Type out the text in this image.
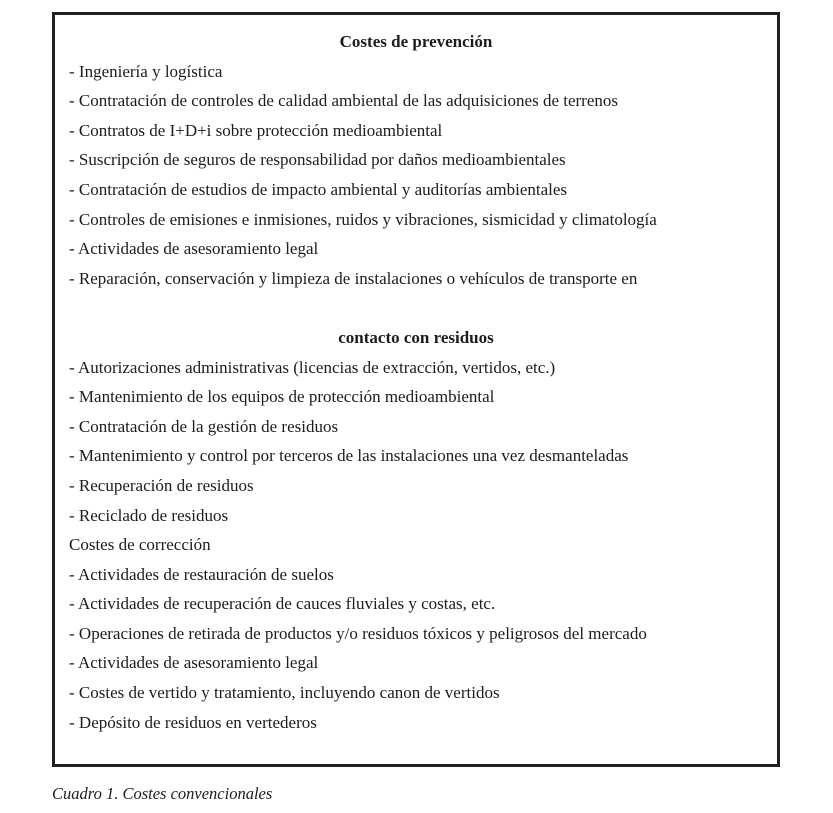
Costes de prevención
- Ingeniería y logística
- Contratación de controles de calidad ambiental de las adquisiciones de terrenos
- Contratos de I+D+i sobre protección medioambiental
- Suscripción de seguros de responsabilidad por daños medioambientales
- Contratación de estudios de impacto ambiental y auditorías ambientales
- Controles de emisiones e inmisiones, ruidos y vibraciones, sismicidad y climatología
- Actividades de asesoramiento legal
- Reparación, conservación y limpieza de instalaciones o vehículos de transporte en
contacto con residuos
- Autorizaciones administrativas (licencias de extracción, vertidos, etc.)
- Mantenimiento de los equipos de protección medioambiental
- Contratación de la gestión de residuos
- Mantenimiento y control por terceros de las instalaciones una vez desmanteladas
- Recuperación de residuos
- Reciclado de residuos
Costes de corrección
- Actividades de restauración de suelos
- Actividades de recuperación de cauces fluviales y costas, etc.
- Operaciones de retirada de productos y/o residuos tóxicos y peligrosos del mercado
- Actividades de asesoramiento legal
- Costes de vertido y tratamiento, incluyendo canon de vertidos
- Depósito de residuos en vertederos
Cuadro 1. Costes convencionales
